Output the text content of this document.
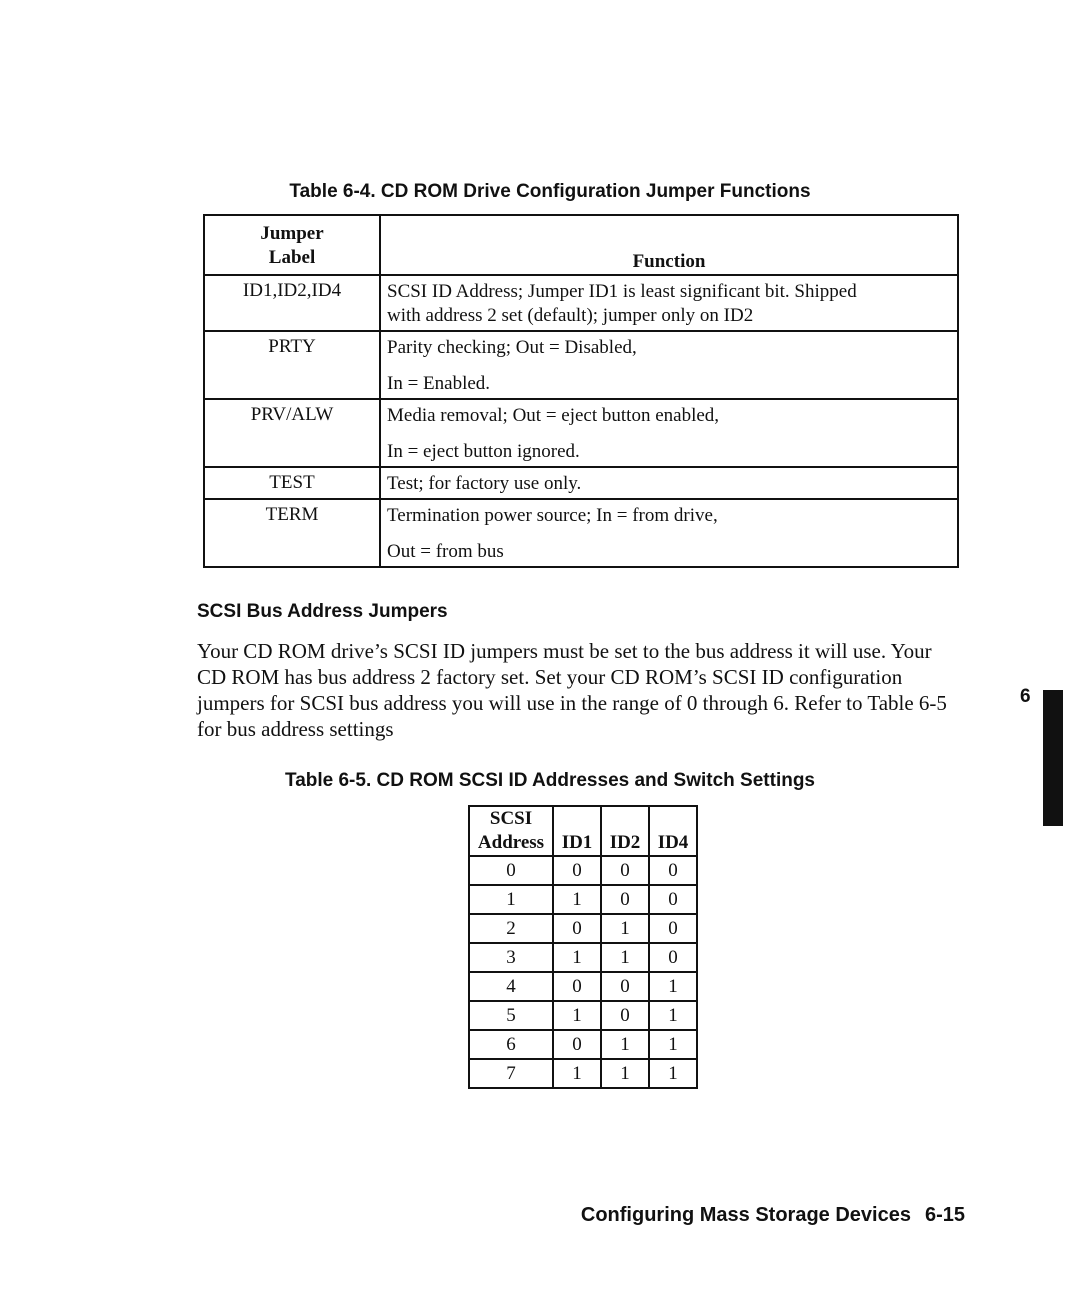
Table 6-4. CD ROM Drive Configuration Jumper Functions
Jumper
Label	Function
ID1,ID2,ID4	SCSI ID Address; Jumper ID1 is least significant bit. Shipped
with address 2 set (default); jumper only on ID2
PRTY	Parity checking; Out = Disabled,
In = Enabled.

PRV/ALW	Media removal; Out = eject button enabled,
In = eject button ignored.

TEST	Test; for factory use only.
TERM	Termination power source; In = from drive,
Out = from bus
SCSI Bus Address Jumpers

Your CD ROM drive’s SCSI ID jumpers must be set to the bus address it will use. Your CD ROM has bus address 2 factory set. Set your CD ROM’s SCSI ID configuration jumpers for SCSI bus address you will use in the range of 0 through 6. Refer to Table 6-5 for bus address settings

Table 6-5. CD ROM SCSI ID Addresses and Switch Settings
SCSI
Address	ID1	ID2	ID4
0	0	0	0
1	1	0	0
2	0	1	0
3	1	1	0
4	0	0	1
5	1	0	1
6	0	1	1
7	1	1	1
6
Configuring Mass Storage Devices 6-15
